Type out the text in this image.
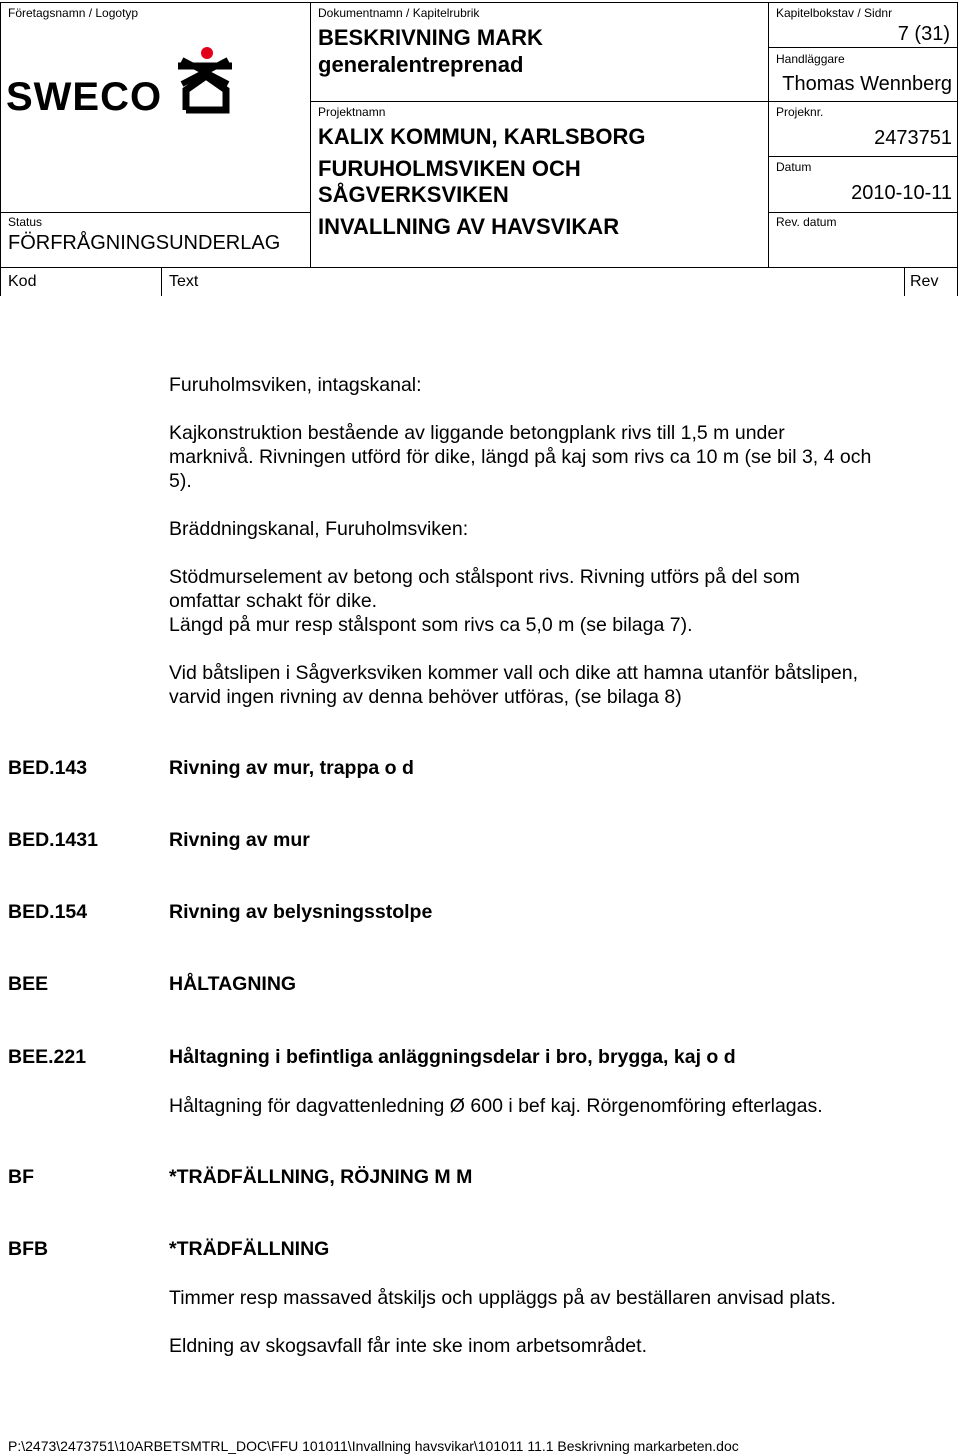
Företagsnamn / Logotyp
SWECO
Status
FÖRFRÅGNINGSUNDERLAG
Dokumentnamn / Kapitelrubrik
BESKRIVNING MARK
generalentreprenad
Projektnamn
KALIX KOMMUN, KARLSBORG
FURUHOLMSVIKEN OCH
SÅGVERKSVIKEN
INVALLNING AV HAVSVIKAR
Kapitelbokstav / Sidnr
7 (31)
Handläggare
Thomas Wennberg
Projeknr.
2473751
Datum
2010-10-11
Rev. datum
Kod	Text	Rev
Furuholmsviken, intagskanal:
Kajkonstruktion bestående av liggande betongplank rivs till 1,5 m under
marknivå. Rivningen utförd för dike, längd på kaj som rivs ca 10 m (se bil 3, 4 och
5).
Bräddningskanal, Furuholmsviken:
Stödmurselement av betong och stålspont rivs. Rivning utförs på del som
omfattar schakt för dike.
Längd på mur resp stålspont som rivs ca 5,0 m (se bilaga 7).
Vid båtslipen i Sågverksviken kommer vall och dike att hamna utanför båtslipen,
varvid ingen rivning av denna behöver utföras, (se bilaga 8)
BED.143	Rivning av mur, trappa o d
BED.1431	Rivning av mur
BED.154	Rivning av belysningsstolpe
BEE	HÅLTAGNING
BEE.221	Håltagning i befintliga anläggningsdelar i bro, brygga, kaj o d
Håltagning för dagvattenledning Ø 600 i bef kaj. Rörgenomföring efterlagas.
BF	*TRÄDFÄLLNING, RÖJNING M M
BFB	*TRÄDFÄLLNING
Timmer resp massaved åtskiljs och uppläggs på av beställaren anvisad plats.
Eldning av skogsavfall får inte ske inom arbetsområdet.
P:\2473\2473751\10ARBETSMTRL_DOC\FFU 101011\Invallning havsvikar\101011 11.1 Beskrivning markarbeten.doc
